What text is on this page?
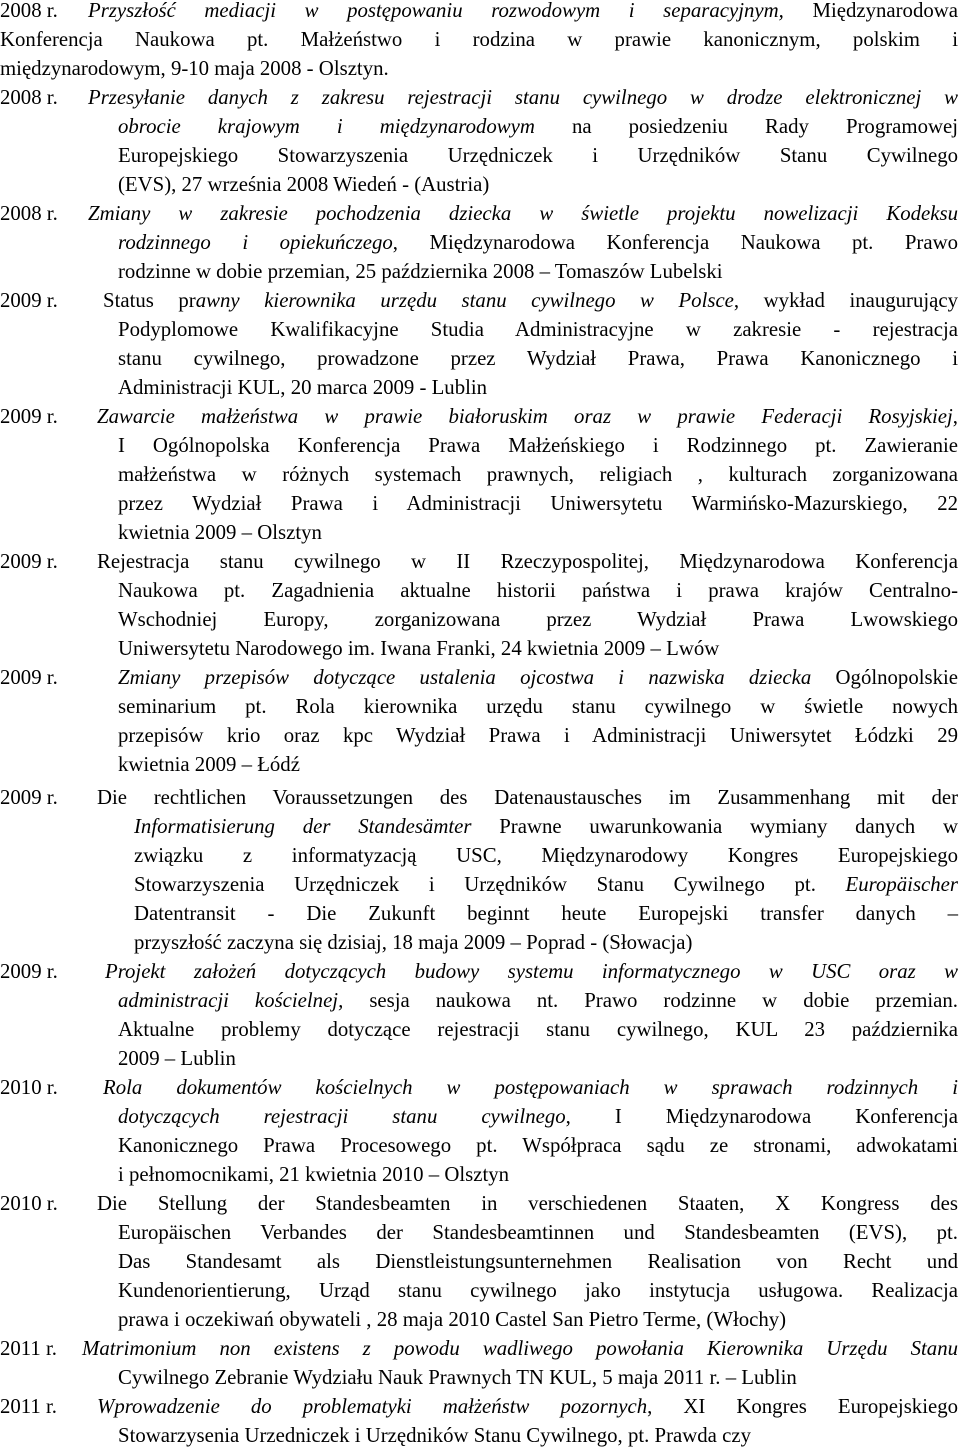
2008 r. Przyszłość mediacji w postępowaniu rozwodowym i separacyjnym, Międzynarodowa
Konferencja Naukowa pt. Małżeństwo i rodzina w prawie kanonicznym, polskim i
międzynarodowym, 9-10 maja 2008 - Olsztyn.
2008 r. Przesyłanie danych z zakresu rejestracji stanu cywilnego w drodze elektronicznej w
obrocie krajowym i międzynarodowym na posiedzeniu Rady Programowej
Europejskiego Stowarzyszenia Urzędniczek i Urzędników Stanu Cywilnego
(EVS), 27 września 2008 Wiedeń - (Austria)
2008 r. Zmiany w zakresie pochodzenia dziecka w świetle projektu nowelizacji Kodeksu
rodzinnego i opiekuńczego, Międzynarodowa Konferencja Naukowa pt. Prawo
rodzinne w dobie przemian, 25 października 2008 – Tomaszów Lubelski
2009 r. Status prawny kierownika urzędu stanu cywilnego w Polsce, wykład inaugurujący
Podyplomowe Kwalifikacyjne Studia Administracyjne w zakresie - rejestracja
stanu cywilnego, prowadzone przez Wydział Prawa, Prawa Kanonicznego i
Administracji KUL, 20 marca 2009 - Lublin
2009 r. Zawarcie małżeństwa w prawie białoruskim oraz w prawie Federacji Rosyjskiej,
I Ogólnopolska Konferencja Prawa Małżeńskiego i Rodzinnego pt. Zawieranie
małżeństwa w różnych systemach prawnych, religiach , kulturach zorganizowana
przez Wydział Prawa i Administracji Uniwersytetu Warmińsko-Mazurskiego, 22
kwietnia 2009 – Olsztyn
2009 r. Rejestracja stanu cywilnego w II Rzeczypospolitej, Międzynarodowa Konferencja
Naukowa pt. Zagadnienia aktualne historii państwa i prawa krajów Centralno-
Wschodniej Europy, zorganizowana przez Wydział Prawa Lwowskiego
Uniwersytetu Narodowego im. Iwana Franki, 24 kwietnia 2009 – Lwów
2009 r.	Zmiany przepisów dotyczące ustalenia ojcostwa i nazwiska dziecka Ogólnopolskie
seminarium pt. Rola kierownika urzędu stanu cywilnego w świetle nowych
przepisów krio oraz kpc Wydział Prawa i Administracji Uniwersytet Łódzki 29
kwietnia 2009 – Łódź
2009 r. Die rechtlichen Voraussetzungen des Datenaustausches im Zusammenhang mit der
Informatisierung der Standesämter Prawne uwarunkowania wymiany danych w
związku z informatyzacją USC, Międzynarodowy Kongres Europejskiego
Stowarzyszenia Urzędniczek i Urzędników Stanu Cywilnego pt. Europäischer
Datentransit - Die Zukunft beginnt heute Europejski transfer danych –
przyszłość zaczyna się dzisiaj, 18 maja 2009 – Poprad - (Słowacja)
2009 r. Projekt założeń dotyczących budowy systemu informatycznego w USC oraz w
administracji kościelnej, sesja naukowa nt. Prawo rodzinne w dobie przemian.
Aktualne problemy dotyczące rejestracji stanu cywilnego, KUL 23 października
2009 – Lublin
2010 r. Rola dokumentów kościelnych w postępowaniach w sprawach rodzinnych i
dotyczących rejestracji stanu cywilnego, I Międzynarodowa Konferencja
Kanonicznego Prawa Procesowego pt. Współpraca sądu ze stronami, adwokatami
i pełnomocnikami, 21 kwietnia 2010 – Olsztyn
2010 r. Die Stellung der Standesbeamten in verschiedenen Staaten, X Kongress des
Europäischen Verbandes der Standesbeamtinnen und Standesbeamten (EVS), pt.
Das Standesamt als Dienstleistungsunternehmen Realisation von Recht und
Kundenorientierung, Urząd stanu cywilnego jako instytucja usługowa. Realizacja
prawa i oczekiwań obywateli , 28 maja 2010 Castel San Pietro Terme, (Włochy)
2011 r. Matrimonium non existens z powodu wadliwego powołania Kierownika Urzędu Stanu
Cywilnego Zebranie Wydziału Nauk Prawnych TN KUL, 5 maja 2011 r. – Lublin
2011 r. Wprowadzenie do problematyki małżeństw pozornych, XI Kongres Europejskiego
Stowarzysenia Urzedniczek i Urzędników Stanu Cywilnego, pt. Prawda czy
